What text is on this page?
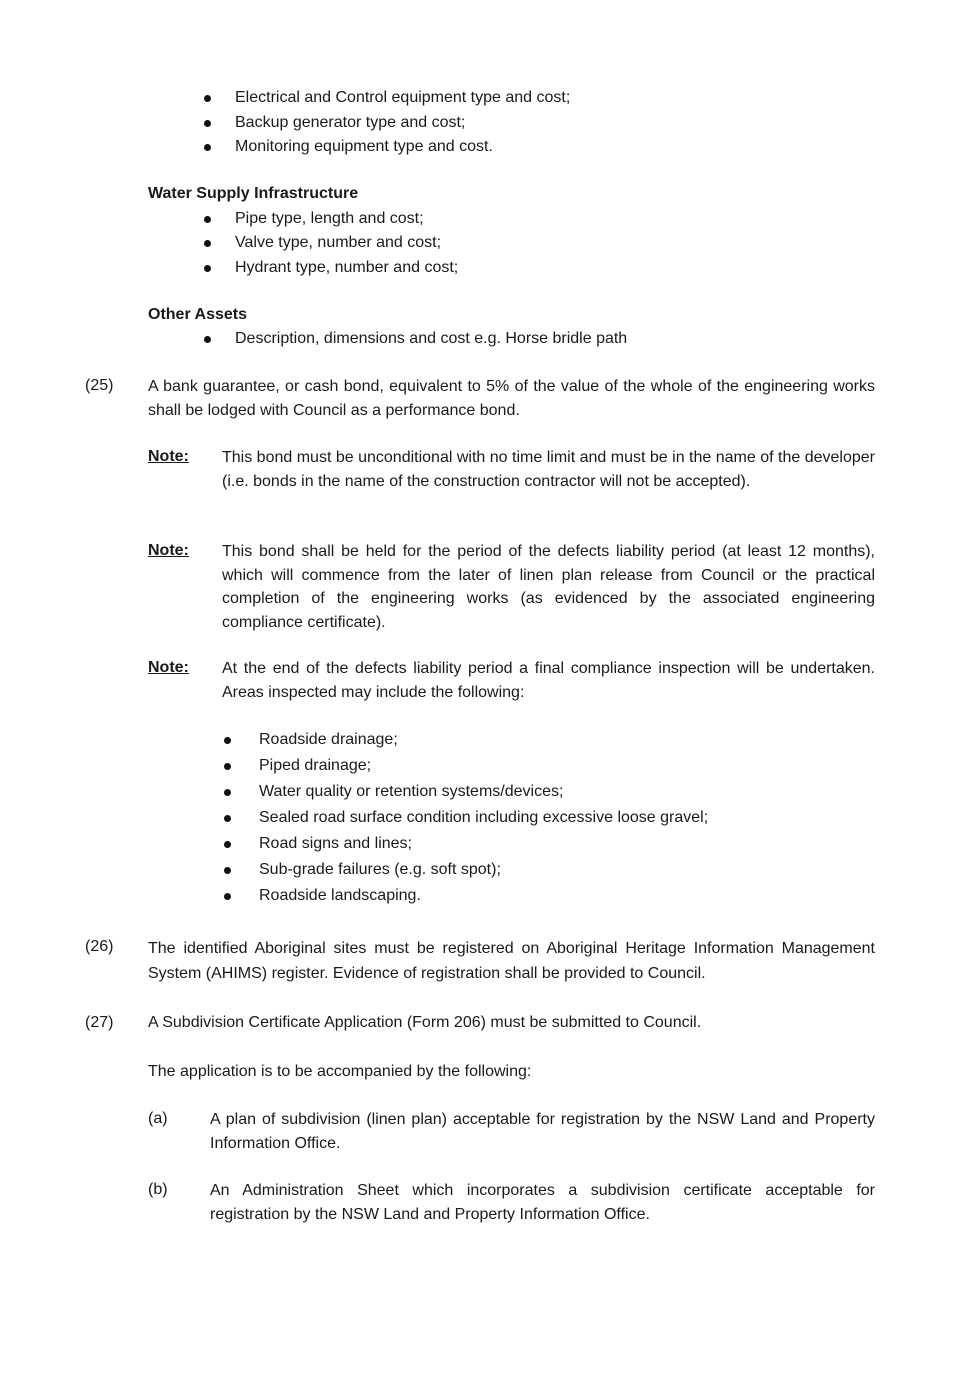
Electrical and Control equipment type and cost;
Backup generator type and cost;
Monitoring equipment type and cost.
Water Supply Infrastructure
Pipe type, length and cost;
Valve type, number and cost;
Hydrant type, number and cost;
Other Assets
Description, dimensions and cost e.g. Horse bridle path
(25) A bank guarantee, or cash bond, equivalent to 5% of the value of the whole of the engineering works shall be lodged with Council as a performance bond.
Note: This bond must be unconditional with no time limit and must be in the name of the developer (i.e. bonds in the name of the construction contractor will not be accepted).
Note: This bond shall be held for the period of the defects liability period (at least 12 months), which will commence from the later of linen plan release from Council or the practical completion of the engineering works (as evidenced by the associated engineering compliance certificate).
Note: At the end of the defects liability period a final compliance inspection will be undertaken. Areas inspected may include the following:
Roadside drainage;
Piped drainage;
Water quality or retention systems/devices;
Sealed road surface condition including excessive loose gravel;
Road signs and lines;
Sub-grade failures (e.g. soft spot);
Roadside landscaping.
(26) The identified Aboriginal sites must be registered on Aboriginal Heritage Information Management System (AHIMS) register. Evidence of registration shall be provided to Council.
(27) A Subdivision Certificate Application (Form 206) must be submitted to Council.
The application is to be accompanied by the following:
(a)	A plan of subdivision (linen plan) acceptable for registration by the NSW Land and Property Information Office.
(b)	An Administration Sheet which incorporates a subdivision certificate acceptable for registration by the NSW Land and Property Information Office.
